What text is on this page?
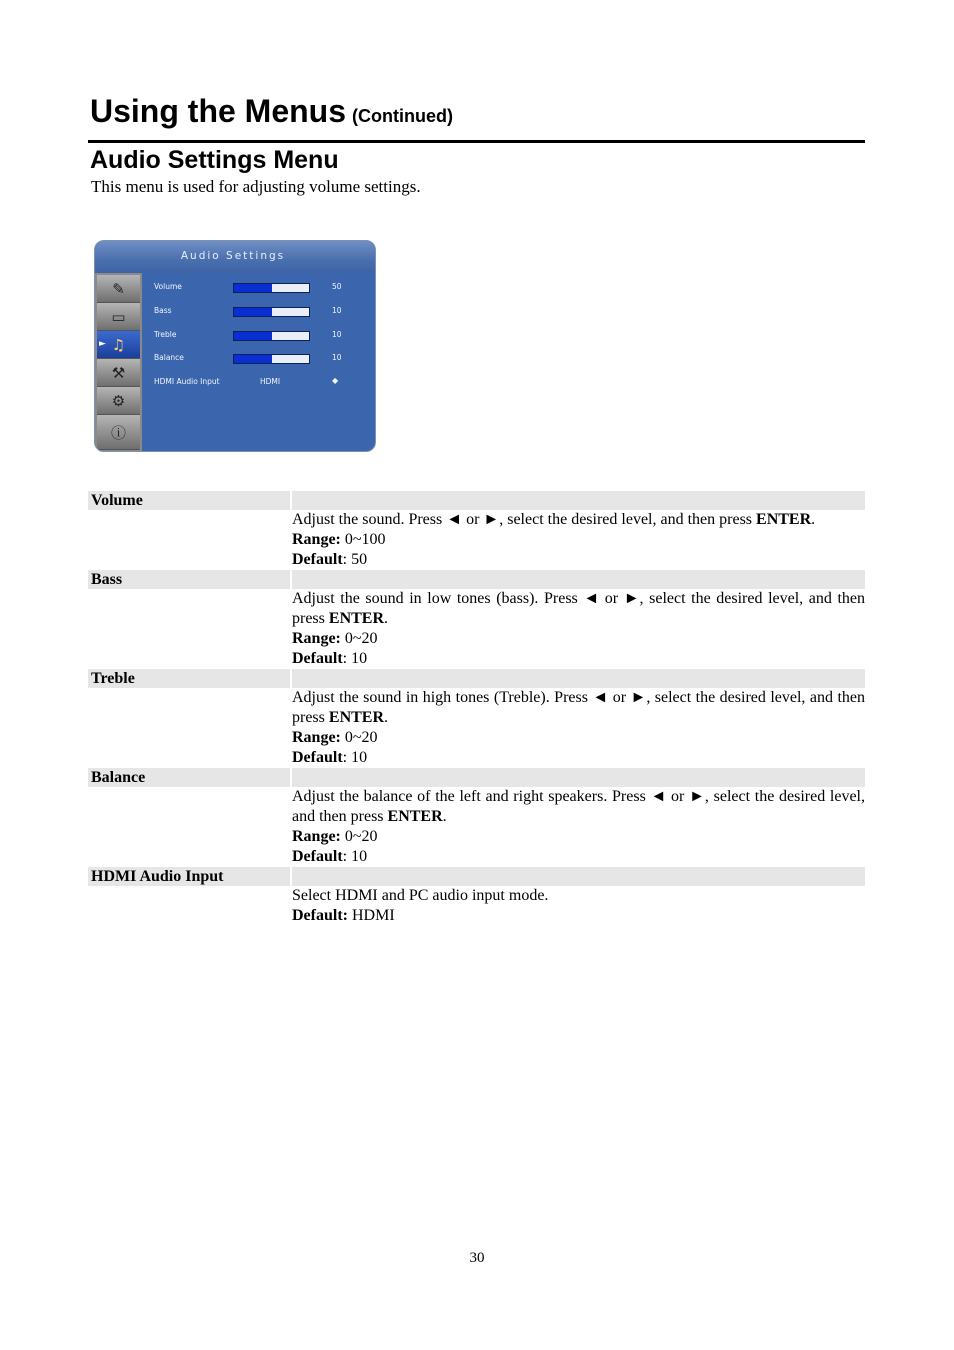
Using the Menus (Continued)
Audio Settings Menu
This menu is used for adjusting volume settings.
Audio Settings
✎
▭
♫
⚒
⚙
ⓘ
►
Volume	50
Bass	10
Treble	10
Balance	10
HDMI Audio Input	HDMI	◆
Volume

Adjust the sound. Press ◄ or ►, select the desired level, and then press ENTER.

Range: 0~100

Default: 50

Bass

Adjust the sound in low tones (bass). Press ◄ or ►, select the desired level, and then press ENTER.

Range: 0~20

Default: 10

Treble

Adjust the sound in high tones (Treble). Press ◄ or ►, select the desired level, and then press ENTER.

Range: 0~20

Default: 10

Balance

Adjust the balance of the left and right speakers. Press ◄ or ►, select the desired level, and then press ENTER.

Range: 0~20

Default: 10

HDMI Audio Input

Select HDMI and PC audio input mode.

Default: HDMI

30
